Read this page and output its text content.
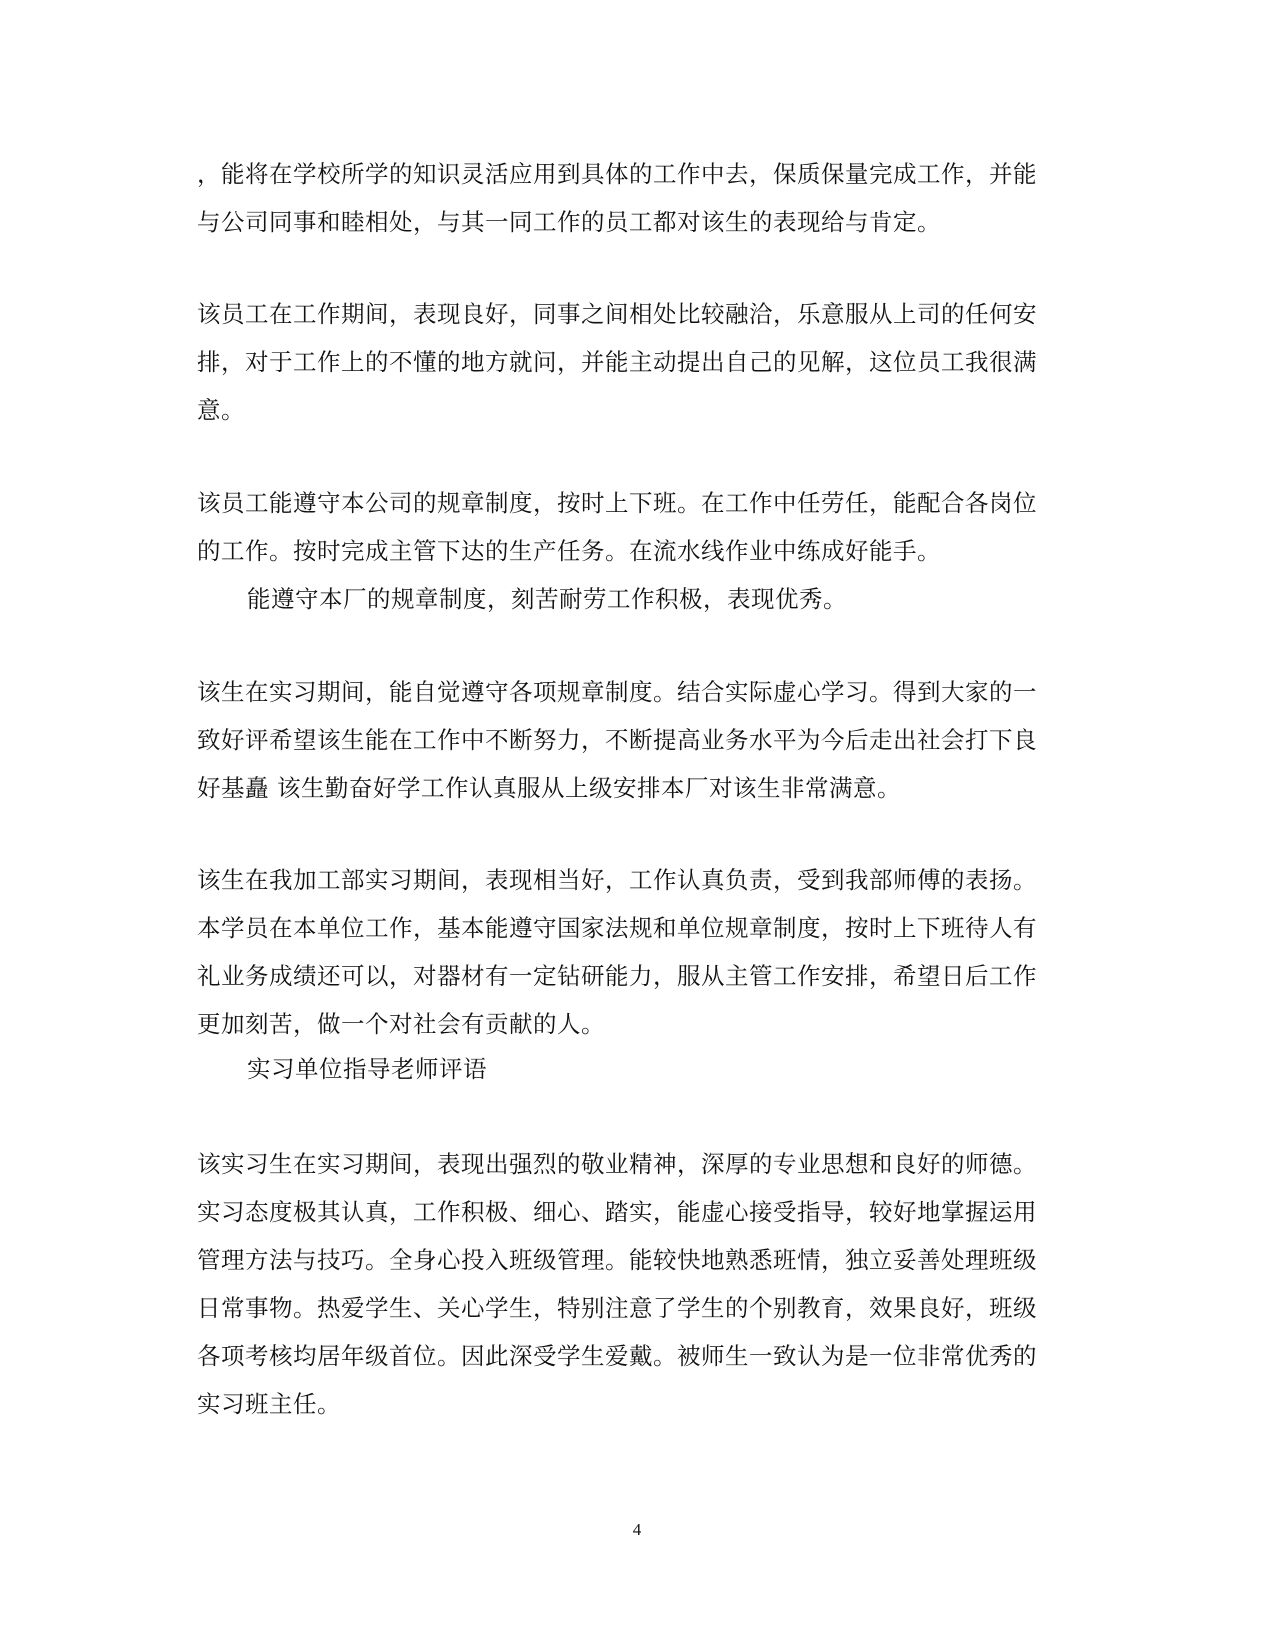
，能将在学校所学的知识灵活应用到具体的工作中去，保质保量完成工作，并能
与公司同事和睦相处，与其一同工作的员工都对该生的表现给与肯定。

该员工在工作期间，表现良好，同事之间相处比较融洽，乐意服从上司的任何安
排，对于工作上的不懂的地方就问，并能主动提出自己的见解，这位员工我很满
意。

该员工能遵守本公司的规章制度，按时上下班。在工作中任劳任，能配合各岗位
的工作。按时完成主管下达的生产任务。在流水线作业中练成好能手。

能遵守本厂的规章制度，刻苦耐劳工作积极，表现优秀。

该生在实习期间，能自觉遵守各项规章制度。结合实际虚心学习。得到大家的一
致好评希望该生能在工作中不断努力，不断提高业务水平为今后走出社会打下良
好基矗 该生勤奋好学工作认真服从上级安排本厂对该生非常满意。

该生在我加工部实习期间，表现相当好，工作认真负责，受到我部师傅的表扬。
本学员在本单位工作，基本能遵守国家法规和单位规章制度，按时上下班待人有
礼业务成绩还可以，对器材有一定钻研能力，服从主管工作安排，希望日后工作
更加刻苦，做一个对社会有贡献的人。

实习单位指导老师评语

该实习生在实习期间，表现出强烈的敬业精神，深厚的专业思想和良好的师德。
实习态度极其认真，工作积极、细心、踏实，能虚心接受指导，较好地掌握运用
管理方法与技巧。全身心投入班级管理。能较快地熟悉班情，独立妥善处理班级
日常事物。热爱学生、关心学生，特别注意了学生的个别教育，效果良好，班级
各项考核均居年级首位。因此深受学生爱戴。被师生一致认为是一位非常优秀的
实习班主任。

4
